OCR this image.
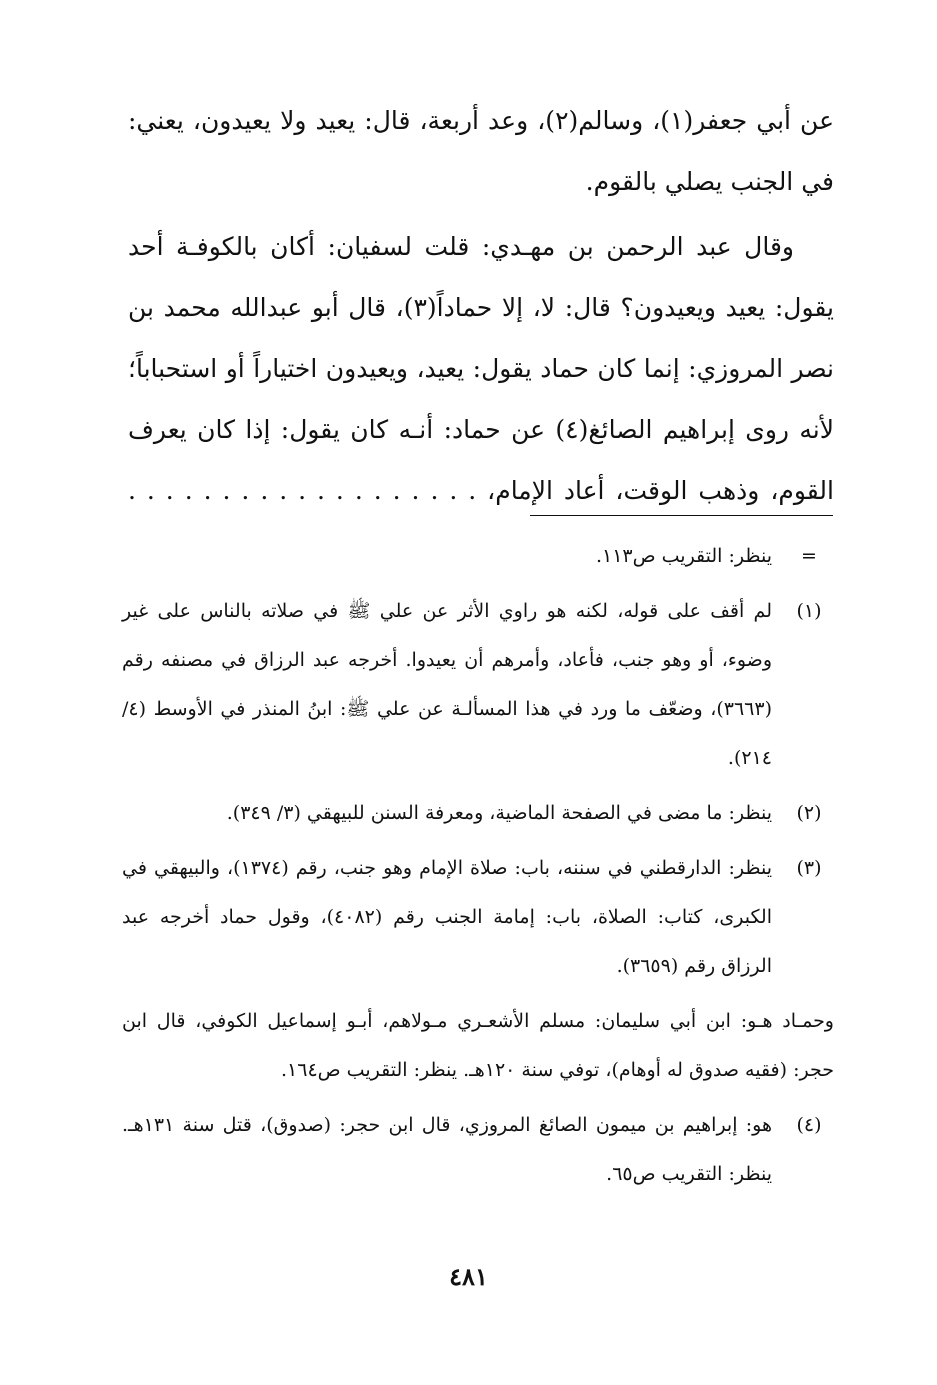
عن أبي جعفر(١)، وسالم(٢)، وعد أربعة، قال: يعيد ولا يعيدون، يعني: في الجنب يصلي بالقوم.

وقال عبد الرحمن بن مهـدي: قلت لسفيان: أكان بالكوفـة أحد يقول: يعيد ويعيدون؟ قال: لا، إلا حماداً(٣)، قال أبو عبدالله محمد بن نصر المروزي: إنما كان حماد يقول: يعيد، ويعيدون اختياراً أو استحباباً؛ لأنه روى إبراهيم الصائغ(٤) عن حماد: أنـه كان يقول: إذا كان يعرف القوم، وذهب الوقت، أعاد الإمام، . . . . . . . . . . . . . . . . . . .

=

ينظر: التقريب ص١١٣.

(١)

لم أقف على قوله، لكنه هو راوي الأثر عن علي ﷺ في صلاته بالناس على غير وضوء، أو وهو جنب، فأعاد، وأمرهم أن يعيدوا. أخرجه عبد الرزاق في مصنفه رقم (٣٦٦٣)، وضعّف ما ورد في هذا المسألـة عن علي ﷺ: ابنُ المنذر في الأوسط (٤/ ٢١٤).

(٢)

ينظر: ما مضى في الصفحة الماضية، ومعرفة السنن للبيهقي (٣/ ٣٤٩).

(٣)

ينظر: الدارقطني في سننه، باب: صلاة الإمام وهو جنب، رقم (١٣٧٤)، والبيهقي في الكبرى، كتاب: الصلاة، باب: إمامة الجنب رقم (٤٠٨٢)، وقول حماد أخرجه عبد الرزاق رقم (٣٦٥٩).

وحمـاد هـو: ابن أبي سليمان: مسلم الأشعـري مـولاهم، أبـو إسماعيل الكوفي، قال ابن حجر: (فقيه صدوق له أوهام)، توفي سنة ١٢٠هـ. ينظر: التقريب ص١٦٤.

(٤)

هو: إبراهيم بن ميمون الصائغ المروزي، قال ابن حجر: (صدوق)، قتل سنة ١٣١هـ. ينظر: التقريب ص٦٥.

٤٨١
